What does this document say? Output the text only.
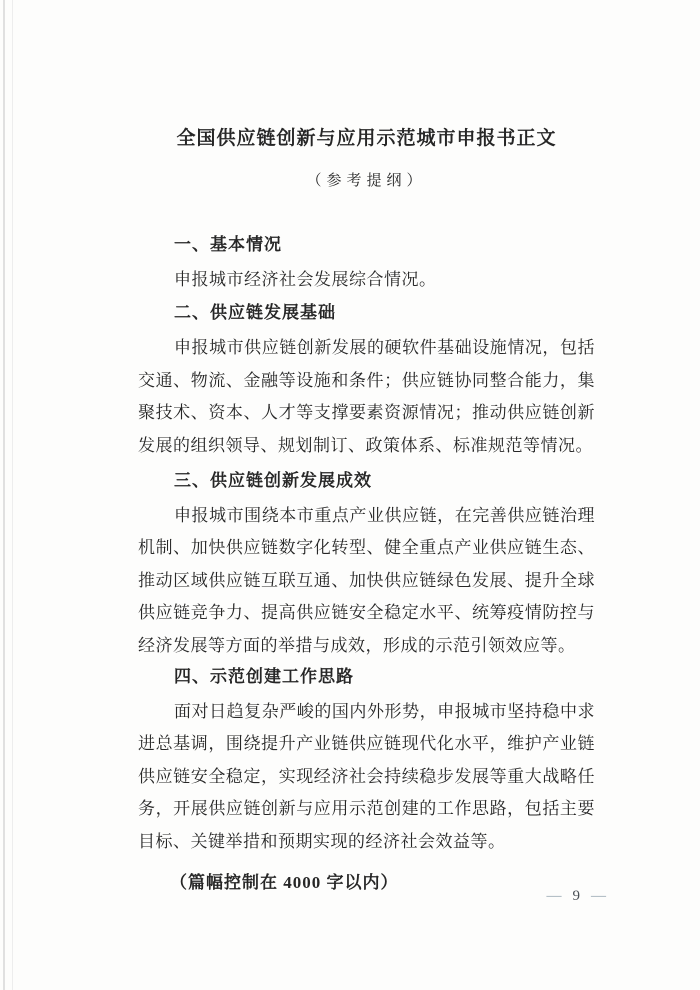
全国供应链创新与应用示范城市申报书正文
（参考提纲）
一、基本情况

申报城市经济社会发展综合情况。

二、供应链发展基础

申报城市供应链创新发展的硬软件基础设施情况，包括交通、物流、金融等设施和条件；供应链协同整合能力，集聚技术、资本、人才等支撑要素资源情况；推动供应链创新发展的组织领导、规划制订、政策体系、标准规范等情况。

三、供应链创新发展成效

申报城市围绕本市重点产业供应链，在完善供应链治理机制、加快供应链数字化转型、健全重点产业供应链生态、推动区域供应链互联互通、加快供应链绿色发展、提升全球供应链竞争力、提高供应链安全稳定水平、统筹疫情防控与经济发展等方面的举措与成效，形成的示范引领效应等。

四、示范创建工作思路

面对日趋复杂严峻的国内外形势，申报城市坚持稳中求进总基调，围绕提升产业链供应链现代化水平，维护产业链供应链安全稳定，实现经济社会持续稳步发展等重大战略任务，开展供应链创新与应用示范创建的工作思路，包括主要目标、关键举措和预期实现的经济社会效益等。

（篇幅控制在 4000 字以内）

— 9 —
